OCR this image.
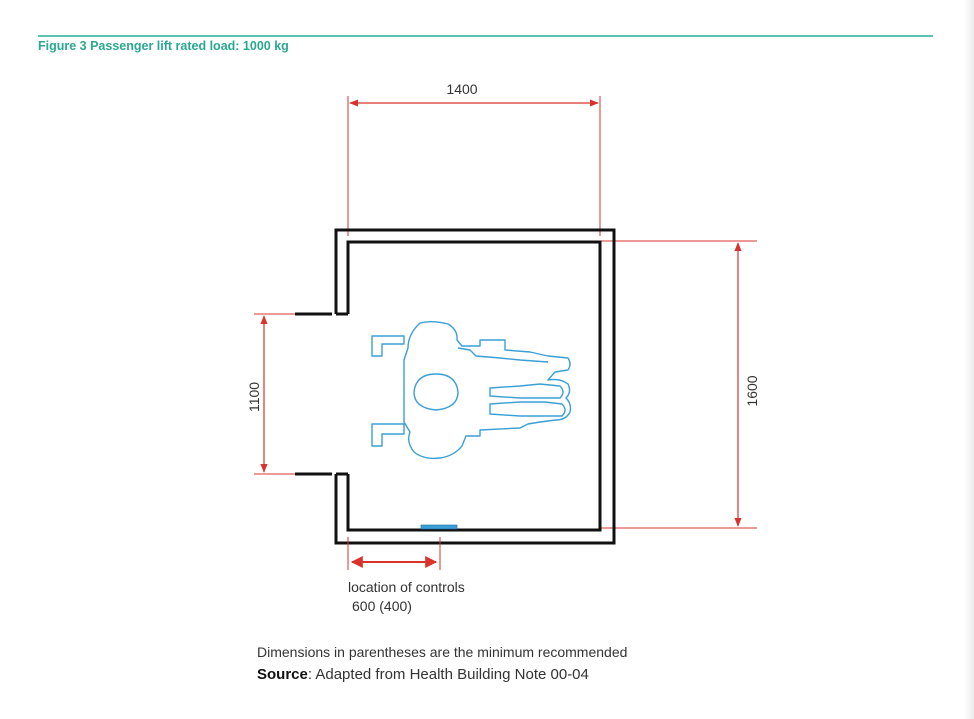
Figure 3 Passenger lift rated load: 1000 kg
1400
1600
1100
location of controls
600 (400)
Dimensions in parentheses are the minimum recommended
Source: Adapted from Health Building Note 00-04
